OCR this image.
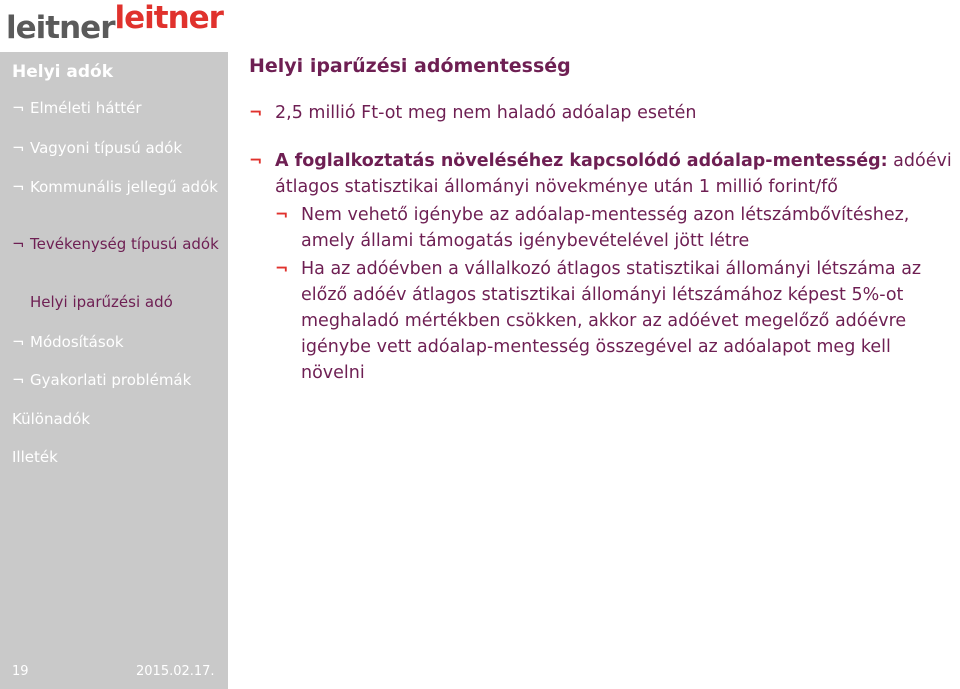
leitner leitner
Helyi adók
¬ Elméleti háttér
¬ Vagyoni típusú adók
¬ Kommunális jellegű adók
¬ Tevékenység típusú adók
Helyi iparűzési adó
¬ Módosítások
¬ Gyakorlati problémák
Különadók
Illeték
19	2015.02.17.
Helyi iparűzési adómentesség
¬ 2,5 millió Ft-ot meg nem haladó adóalap esetén
¬ A foglalkoztatás növeléséhez kapcsolódó adóalap-mentesség: adóévi átlagos statisztikai állományi növekménye után 1 millió forint/fő
¬ Nem vehető igénybe az adóalap-mentesség azon létszámbővítéshez, amely állami támogatás igénybevételével jött létre
¬ Ha az adóévben a vállalkozó átlagos statisztikai állományi létszáma az előző adóév átlagos statisztikai állományi létszámához képest 5%-ot meghaladó mértékben csökken, akkor az adóévet megelőző adóévre igénybe vett adóalap-mentesség összegével az adóalapot meg kell növelni
